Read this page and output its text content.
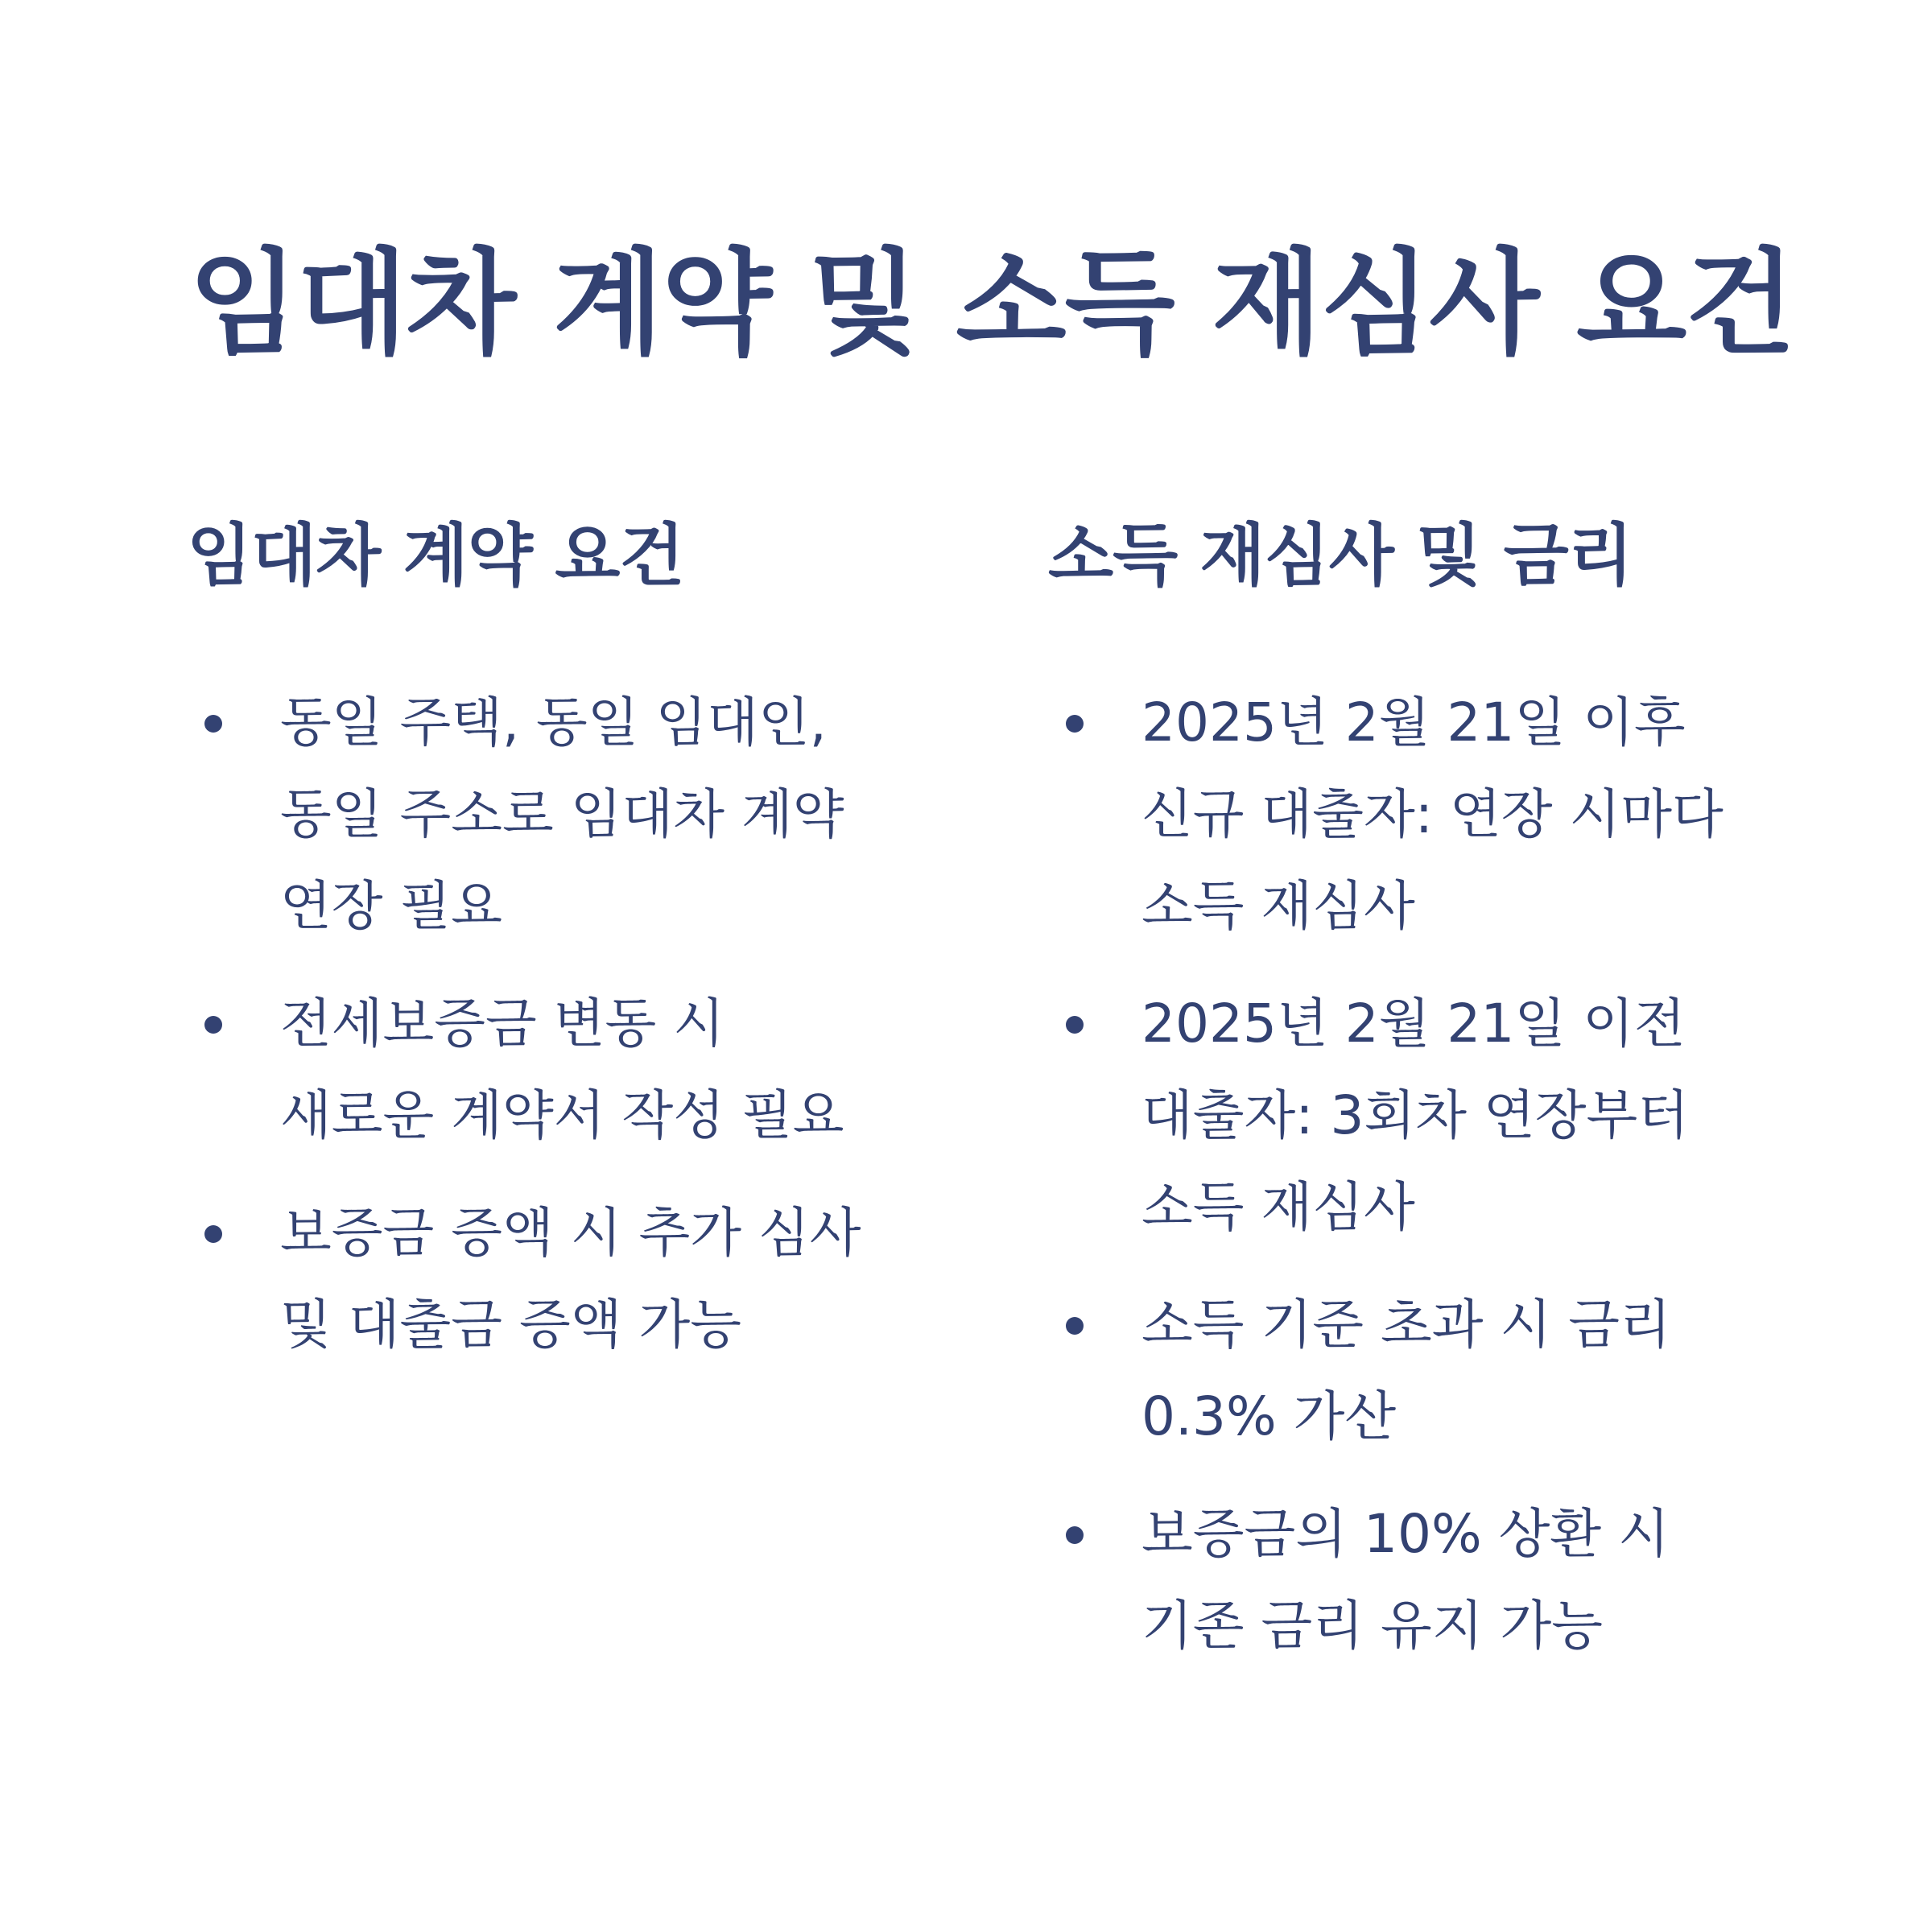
임대차 계약 및 소득 재심사 요건
임대차 계약 요건
동일 주택, 동일 임대인, 동일 주소로 임대차 계약 연장 필요
전세보증금 변동 시 새로운 계약서 작성 필요
보증금 증액 시 추가 심사 및 대출금 증액 가능
소득 재심사 및 금리
2025년 2월 21일 이후 신규 대출자: 연장 시마다 소득 재심사
2025년 2월 21일 이전 대출자: 3회차 연장부터 소득 재심사
소득 기준 초과 시 금리 0.3% 가산
보증금의 10% 상환 시 기존 금리 유지 가능
